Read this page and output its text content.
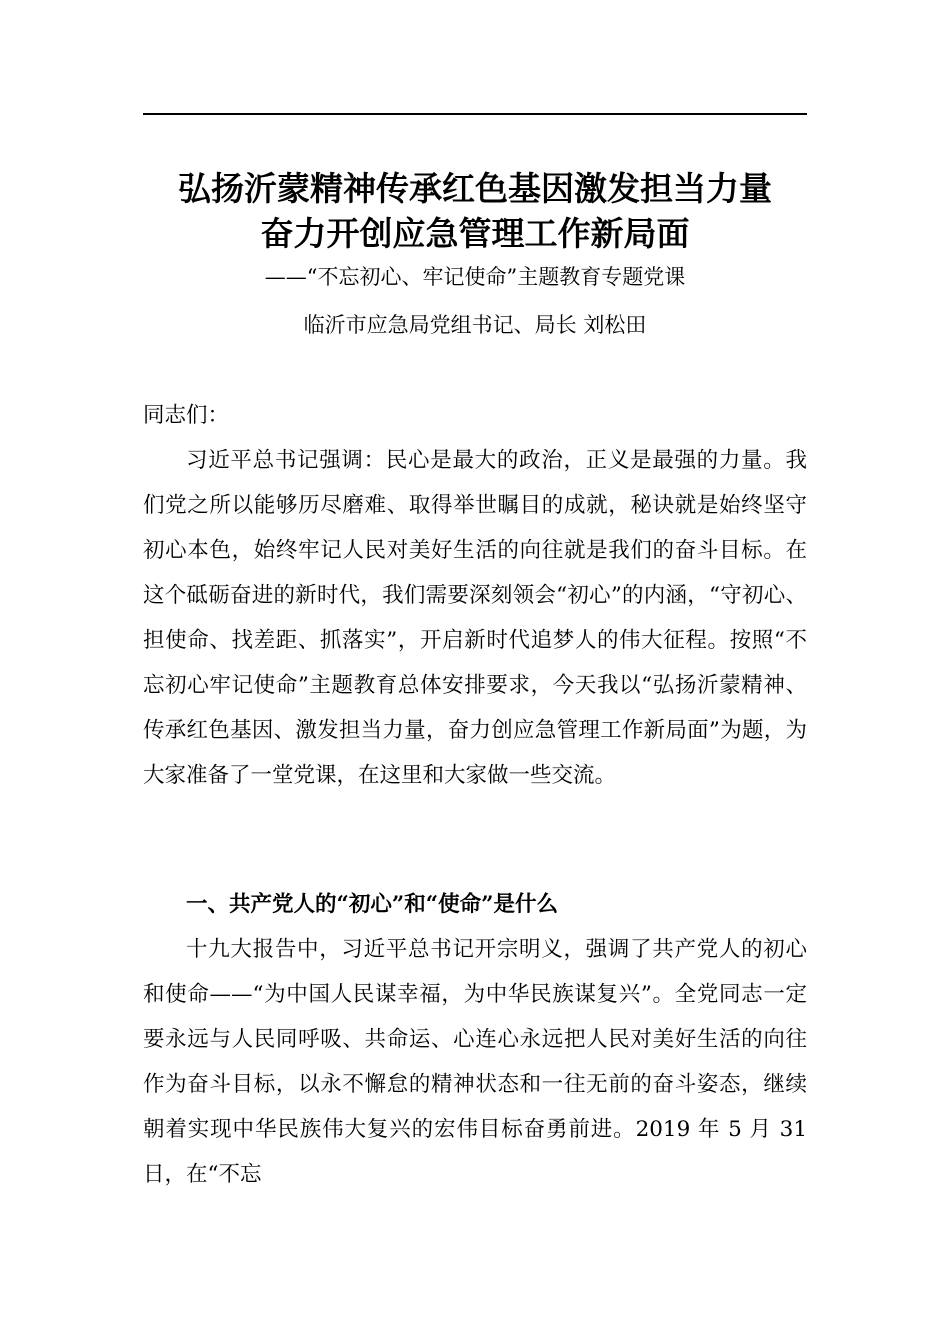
弘扬沂蒙精神传承红色基因激发担当力量
奋力开创应急管理工作新局面

——“不忘初心、牢记使命”主题教育专题党课

临沂市应急局党组书记、局长 刘松田

同志们：

习近平总书记强调：民心是最大的政治，正义是最强的力量。我们党之所以能够历尽磨难、取得举世瞩目的成就，秘诀就是始终坚守初心本色，始终牢记人民对美好生活的向往就是我们的奋斗目标。在这个砥砺奋进的新时代，我们需要深刻领会“初心”的内涵，“守初心、担使命、找差距、抓落实”，开启新时代追梦人的伟大征程。按照“不忘初心牢记使命”主题教育总体安排要求，今天我以“弘扬沂蒙精神、传承红色基因、激发担当力量，奋力创应急管理工作新局面”为题，为大家准备了一堂党课，在这里和大家做一些交流。

一、共产党人的“初心”和“使命”是什么

十九大报告中，习近平总书记开宗明义，强调了共产党人的初心和使命——“为中国人民谋幸福，为中华民族谋复兴”。全党同志一定要永远与人民同呼吸、共命运、心连心永远把人民对美好生活的向往作为奋斗目标，以永不懈怠的精神状态和一往无前的奋斗姿态，继续朝着实现中华民族伟大复兴的宏伟目标奋勇前进。2019 年 5 月 31 日，在“不忘
